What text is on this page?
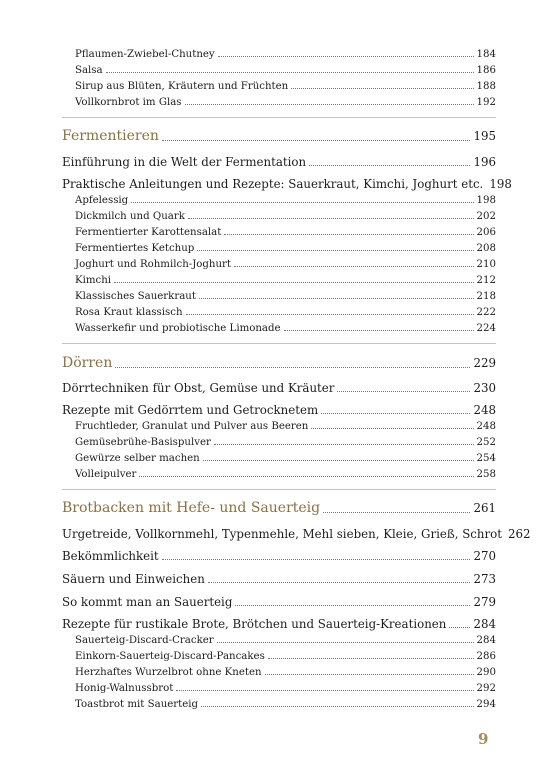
Pflaumen-Zwiebel-Chutney	184
Salsa	186
Sirup aus Blüten, Kräutern und Früchten	188
Vollkornbrot im Glas	192
Fermentieren	195
Einführung in die Welt der Fermentation	196
Praktische Anleitungen und Rezepte: Sauerkraut, Kimchi, Joghurt etc. 198
Apfelessig	198
Dickmilch und Quark	202
Fermentierter Karottensalat	206
Fermentiertes Ketchup	208
Joghurt und Rohmilch-Joghurt	210
Kimchi	212
Klassisches Sauerkraut	218
Rosa Kraut klassisch	222
Wasserkefir und probiotische Limonade	224
Dörren	229
Dörrtechniken für Obst, Gemüse und Kräuter	230
Rezepte mit Gedörrtem und Getrocknetem	248
Fruchtleder, Granulat und Pulver aus Beeren	248
Gemüsebrühe-Basispulver	252
Gewürze selber machen	254
Volleipulver	258
Brotbacken mit Hefe- und Sauerteig	261
Urgetreide, Vollkornmehl, Typenmehle, Mehl sieben, Kleie, Grieß, Schrot 262
Bekömmlichkeit	270
Säuern und Einweichen	273
So kommt man an Sauerteig	279
Rezepte für rustikale Brote, Brötchen und Sauerteig-Kreationen 284
Sauerteig-Discard-Cracker	284
Einkorn-Sauerteig-Discard-Pancakes	286
Herzhaftes Wurzelbrot ohne Kneten	290
Honig-Walnussbrot	292
Toastbrot mit Sauerteig	294
9
